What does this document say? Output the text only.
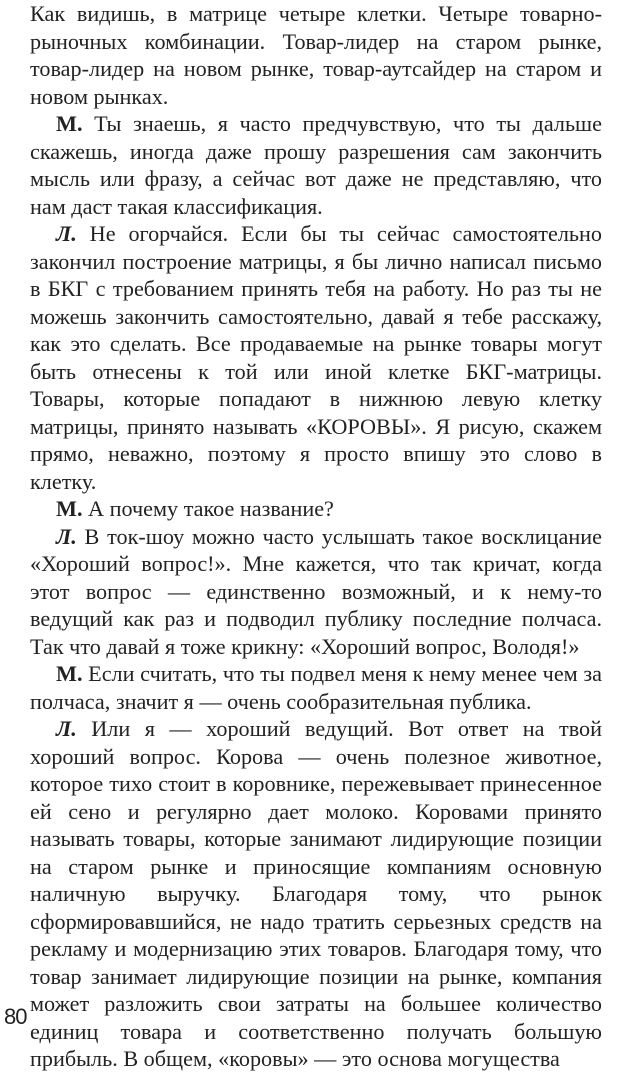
Как видишь, в матрице четыре клетки. Четыре товарно-рыночных комбинации. Товар-лидер на старом рынке, товар-лидер на новом рынке, товар-аутсайдер на старом и новом рынках.

М. Ты знаешь, я часто предчувствую, что ты дальше скажешь, иногда даже прошу разрешения сам закончить мысль или фразу, а сейчас вот даже не представляю, что нам даст такая классификация.

Л. Не огорчайся. Если бы ты сейчас самостоятельно закончил построение матрицы, я бы лично написал письмо в БКГ с требованием принять тебя на работу. Но раз ты не можешь закончить самостоятельно, давай я тебе расскажу, как это сделать. Все продаваемые на рынке товары могут быть отнесены к той или иной клетке БКГ-матрицы. Товары, которые попадают в нижнюю левую клетку матрицы, принято называть «КОРОВЫ». Я рисую, скажем прямо, неважно, поэтому я просто впишу это слово в клетку.

М. А почему такое название?

Л. В ток-шоу можно часто услышать такое восклицание «Хороший вопрос!». Мне кажется, что так кричат, когда этот вопрос — единственно возможный, и к нему-то ведущий как раз и подводил публику последние полчаса. Так что давай я тоже крикну: «Хороший вопрос, Володя!»

М. Если считать, что ты подвел меня к нему менее чем за полчаса, значит я — очень сообразительная публика.

Л. Или я — хороший ведущий. Вот ответ на твой хороший вопрос. Корова — очень полезное животное, которое тихо стоит в коровнике, пережевывает принесенное ей сено и регулярно дает молоко. Коровами принято называть товары, которые занимают лидирующие позиции на старом рынке и приносящие компаниям основную наличную выручку. Благодаря тому, что рынок сформировавшийся, не надо тратить серьезных средств на рекламу и модернизацию этих товаров. Благодаря тому, что товар занимает лидирующие позиции на рынке, компания может разложить свои затраты на большее количество единиц товара и соответственно получать большую прибыль. В общем, «коровы» — это основа могущества

80
